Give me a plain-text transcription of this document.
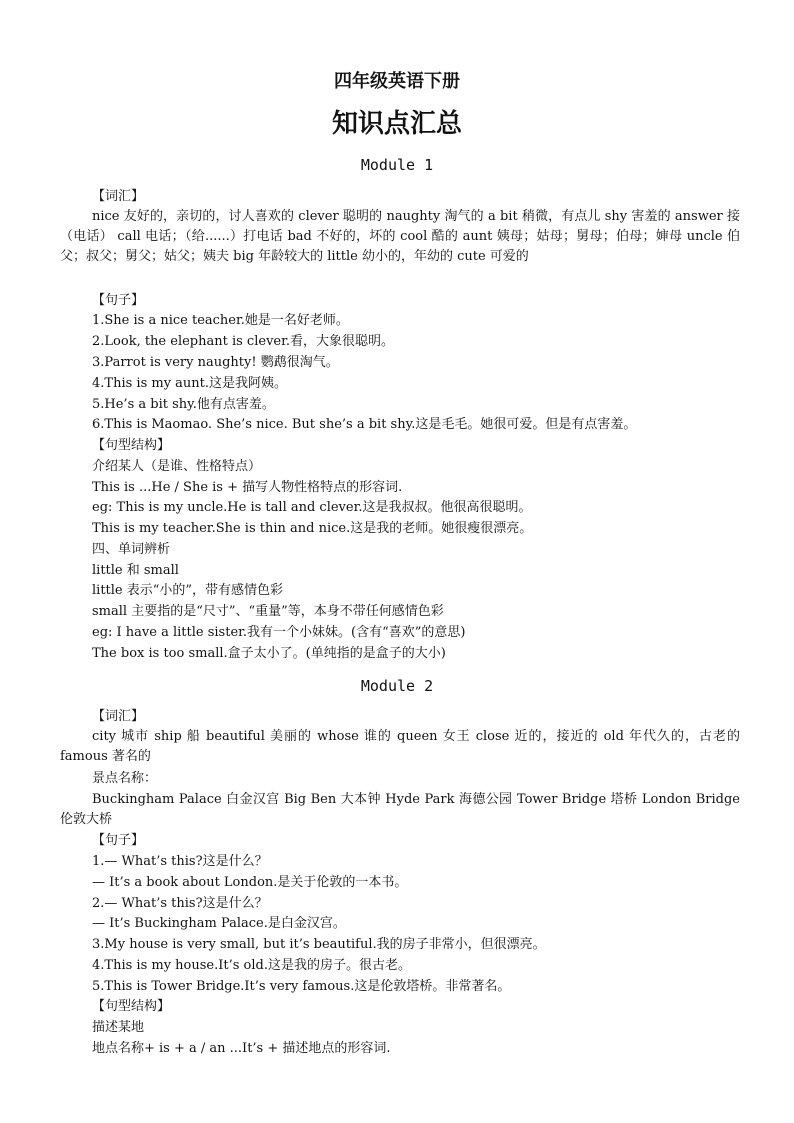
四年级英语下册
知识点汇总
Module 1
【词汇】
nice 友好的，亲切的，讨人喜欢的 clever 聪明的 naughty 淘气的 a bit 稍微，有点儿 shy 害羞的 answer 接（电话） call 电话；（给......）打电话 bad 不好的，坏的 cool 酷的 aunt 姨母；姑母；舅母；伯母；婶母 uncle 伯父；叔父；舅父；姑父；姨夫 big 年龄较大的 little 幼小的，年幼的 cute 可爱的
【句子】
1.She is a nice teacher.她是一名好老师。
2.Look, the elephant is clever.看，大象很聪明。
3.Parrot is very naughty! 鹦鹉很淘气。
4.This is my aunt.这是我阿姨。
5.He’s a bit shy.他有点害羞。
6.This is Maomao. She’s nice. But she’s a bit shy.这是毛毛。她很可爱。但是有点害羞。
【句型结构】
介绍某人（是谁、性格特点）
This is ...He / She is + 描写人物性格特点的形容词.
eg: This is my uncle.He is tall and clever.这是我叔叔。他很高很聪明。
This is my teacher.She is thin and nice.这是我的老师。她很瘦很漂亮。
四、单词辨析
little 和 small
little 表示“小的”，带有感情色彩
small 主要指的是“尺寸”、“重量”等，本身不带任何感情色彩
eg: I have a little sister.我有一个小妹妹。(含有“喜欢”的意思)
The box is too small.盒子太小了。(单纯指的是盒子的大小)
Module 2
【词汇】
city 城市 ship 船 beautiful 美丽的 whose 谁的 queen 女王 close 近的，接近的 old 年代久的，古老的 famous 著名的
景点名称：
Buckingham Palace 白金汉宫 Big Ben 大本钟 Hyde Park 海德公园 Tower Bridge 塔桥 London Bridge 伦敦大桥
【句子】
1.— What’s this?这是什么？
— It’s a book about London.是关于伦敦的一本书。
2.— What’s this?这是什么？
— It’s Buckingham Palace.是白金汉宫。
3.My house is very small, but it’s beautiful.我的房子非常小，但很漂亮。
4.This is my house.It’s old.这是我的房子。很古老。
5.This is Tower Bridge.It’s very famous.这是伦敦塔桥。非常著名。
【句型结构】
描述某地
地点名称+ is + a / an ...It’s + 描述地点的形容词.
